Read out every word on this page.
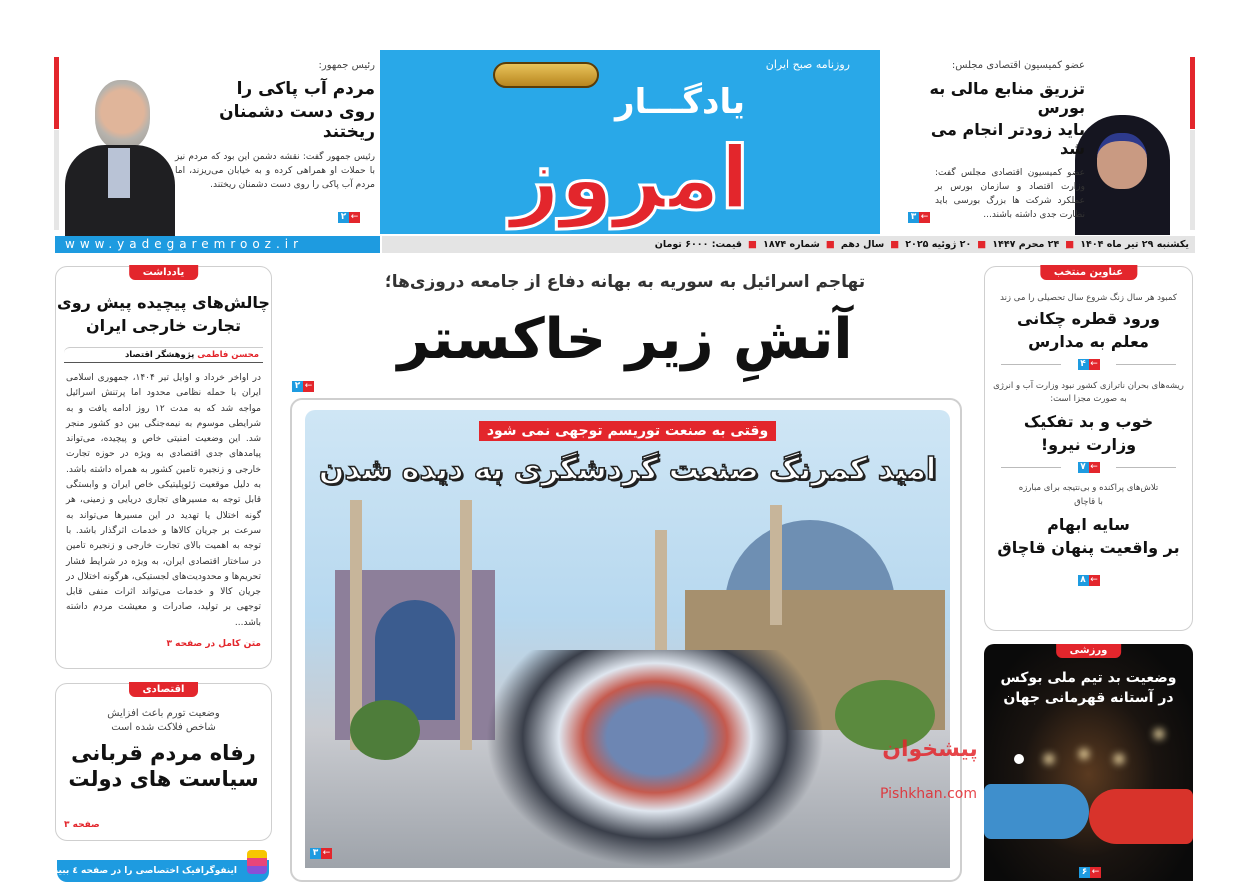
رئیس جمهور:
مردم آب پاکی را
روی دست دشمنان ریختند
رئیس جمهور گفت: نقشه دشمن این بود که مردم نیز با حملات او همراهی کرده و به خیابان می‌ریزند، اما مردم آب پاکی را روی دست دشمنان ریختند.
۲ ←
روزنامه صبح ایران
یادگـــار
امروز
عضو کمیسیون اقتصادی مجلس:
تزریق منابع مالی به بورس
باید زودتر انجام می شد
عضو کمیسیون اقتصادی مجلس گفت: وزارت اقتصاد و سازمان بورس بر عملکرد شرکت ها بزرگ بورسی باید نظارت جدی داشته باشند...
۳ ←
www.yadegaremrooz.ir	یکشنبه ۲۹ تیر ماه ۱۴۰۴
■
۲۴ محرم ۱۴۴۷
■
۲۰ ژوئیه ۲۰۲۵
■
سال دهم
■
شماره ۱۸۷۴
■
قیمت: ۶۰۰۰ تومان
یادداشت
چالش‌های پیچیده پیش روی
تجارت خارجی ایران
محسن فاطمی پژوهشگر اقتصاد
در اواخر خرداد و اوایل تیر ۱۴۰۴، جمهوری اسلامی ایران با حمله نظامی محدود اما پرتنش اسرائیل مواجه شد که به مدت ۱۲ روز ادامه یافت و به شرایطی موسوم به نیمه‌جنگی بین دو کشور منجر شد. این وضعیت امنیتی خاص و پیچیده، می‌تواند پیامدهای جدی اقتصادی به ویژه در حوزه تجارت خارجی و زنجیره تامین کشور به همراه داشته باشد. به دلیل موقعیت ژئوپلیتیکی خاص ایران و وابستگی قابل توجه به مسیرهای تجاری دریایی و زمینی، هر گونه اختلال یا تهدید در این مسیرها می‌تواند به سرعت بر جریان کالاها و خدمات اثرگذار باشد. با توجه به اهمیت بالای تجارت خارجی و زنجیره تامین در ساختار اقتصادی ایران، به ویژه در شرایط فشار تحریم‌ها و محدودیت‌های لجستیکی، هرگونه اختلال در جریان کالا و خدمات می‌تواند اثرات منفی قابل توجهی بر تولید، صادرات و معیشت مردم داشته باشد...
متن کامل در صفحه ۳
اقتصادی
وضعیت تورم باعث افزایش
شاخص فلاکت شده است
رفاه مردم قربانی
سیاست های دولت
صفحه ۳
اینفوگرافیک اختصاصی را در صفحه ٤ ببینید
تهاجم اسرائیل به سوریه به بهانه دفاع از جامعه دروزی‌ها؛
آتشِ زیر خاکستر
۲ ←
وقتی به صنعت توریسم توجهی نمی شود
امید کمرنگ صنعت گردشگری به دیده شدن
۳ ←
عناوین منتخب
کمبود هر سال زنگ شروع سال تحصیلی را می زند
ورود قطره چکانی
معلم به مدارس
۴ ←
ریشه‌های بحران ناترازی کشور نبود وزارت آب و انرژی به صورت مجزا است:
خوب و بد تفکیک
وزارت نیرو!
۷ ←
تلاش‌های پراکنده و بی‌نتیجه برای مبارزه با قاچاق
سایه ابهام
بر واقعیت پنهان قاچاق
۸ ←
ورزشی
وضعیت بد تیم ملی بوکس
در آستانه قهرمانی جهان
۶ ←
پیشخوان
Pishkhan.com
